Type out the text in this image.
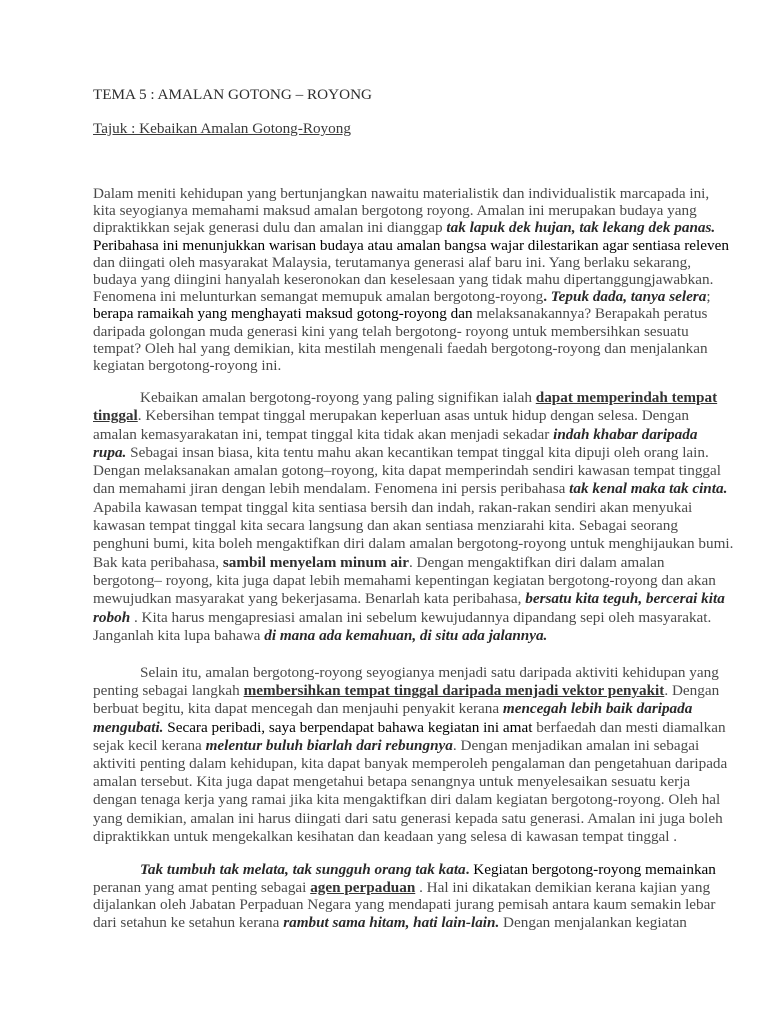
TEMA 5 : AMALAN GOTONG – ROYONG
Tajuk : Kebaikan Amalan Gotong-Royong
Dalam meniti kehidupan yang bertunjangkan nawaitu materialistik dan individualistik marcapada ini,
kita seyogianya memahami maksud amalan bergotong royong. Amalan ini merupakan budaya yang
dipraktikkan sejak generasi dulu dan amalan ini dianggap tak lapuk dek hujan, tak lekang dek panas.
Peribahasa ini menunjukkan warisan budaya atau amalan bangsa wajar dilestarikan agar sentiasa releven
dan diingati oleh masyarakat Malaysia, terutamanya generasi alaf baru ini. Yang berlaku sekarang,
budaya yang diingini hanyalah keseronokan dan keselesaan yang tidak mahu dipertanggungjawabkan.
Fenomena ini melunturkan semangat memupuk amalan bergotong-royong. Tepuk dada, tanya selera;
berapa ramaikah yang menghayati maksud gotong-royong dan melaksanakannya? Berapakah peratus
daripada golongan muda generasi kini yang telah bergotong- royong untuk membersihkan sesuatu
tempat? Oleh hal yang demikian, kita mestilah mengenali faedah bergotong-royong dan menjalankan
kegiatan bergotong-royong ini.
Kebaikan amalan bergotong-royong yang paling signifikan ialah dapat memperindah tempat
tinggal. Kebersihan tempat tinggal merupakan keperluan asas untuk hidup dengan selesa. Dengan
amalan kemasyarakatan ini, tempat tinggal kita tidak akan menjadi sekadar indah khabar daripada
rupa. Sebagai insan biasa, kita tentu mahu akan kecantikan tempat tinggal kita dipuji oleh orang lain.
Dengan melaksanakan amalan gotong–royong, kita dapat memperindah sendiri kawasan tempat tinggal
dan memahami jiran dengan lebih mendalam. Fenomena ini persis peribahasa tak kenal maka tak cinta.
Apabila kawasan tempat tinggal kita sentiasa bersih dan indah, rakan-rakan sendiri akan menyukai
kawasan tempat tinggal kita secara langsung dan akan sentiasa menziarahi kita. Sebagai seorang
penghuni bumi, kita boleh mengaktifkan diri dalam amalan bergotong-royong untuk menghijaukan bumi.
Bak kata peribahasa, sambil menyelam minum air. Dengan mengaktifkan diri dalam amalan
bergotong– royong, kita juga dapat lebih memahami kepentingan kegiatan bergotong-royong dan akan
mewujudkan masyarakat yang bekerjasama. Benarlah kata peribahasa, bersatu kita teguh, bercerai kita
roboh . Kita harus mengapresiasi amalan ini sebelum kewujudannya dipandang sepi oleh masyarakat.
Janganlah kita lupa bahawa di mana ada kemahuan, di situ ada jalannya.
Selain itu, amalan bergotong-royong seyogianya menjadi satu daripada aktiviti kehidupan yang
penting sebagai langkah membersihkan tempat tinggal daripada menjadi vektor penyakit. Dengan
berbuat begitu, kita dapat mencegah dan menjauhi penyakit kerana mencegah lebih baik daripada
mengubati. Secara peribadi, saya berpendapat bahawa kegiatan ini amat berfaedah dan mesti diamalkan
sejak kecil kerana melentur buluh biarlah dari rebungnya. Dengan menjadikan amalan ini sebagai
aktiviti penting dalam kehidupan, kita dapat banyak memperoleh pengalaman dan pengetahuan daripada
amalan tersebut. Kita juga dapat mengetahui betapa senangnya untuk menyelesaikan sesuatu kerja
dengan tenaga kerja yang ramai jika kita mengaktifkan diri dalam kegiatan bergotong-royong. Oleh hal
yang demikian, amalan ini harus diingati dari satu generasi kepada satu generasi. Amalan ini juga boleh
dipraktikkan untuk mengekalkan kesihatan dan keadaan yang selesa di kawasan tempat tinggal .
Tak tumbuh tak melata, tak sungguh orang tak kata. Kegiatan bergotong-royong memainkan
peranan yang amat penting sebagai agen perpaduan . Hal ini dikatakan demikian kerana kajian yang
dijalankan oleh Jabatan Perpaduan Negara yang mendapati jurang pemisah antara kaum semakin lebar
dari setahun ke setahun kerana rambut sama hitam, hati lain-lain. Dengan menjalankan kegiatan
